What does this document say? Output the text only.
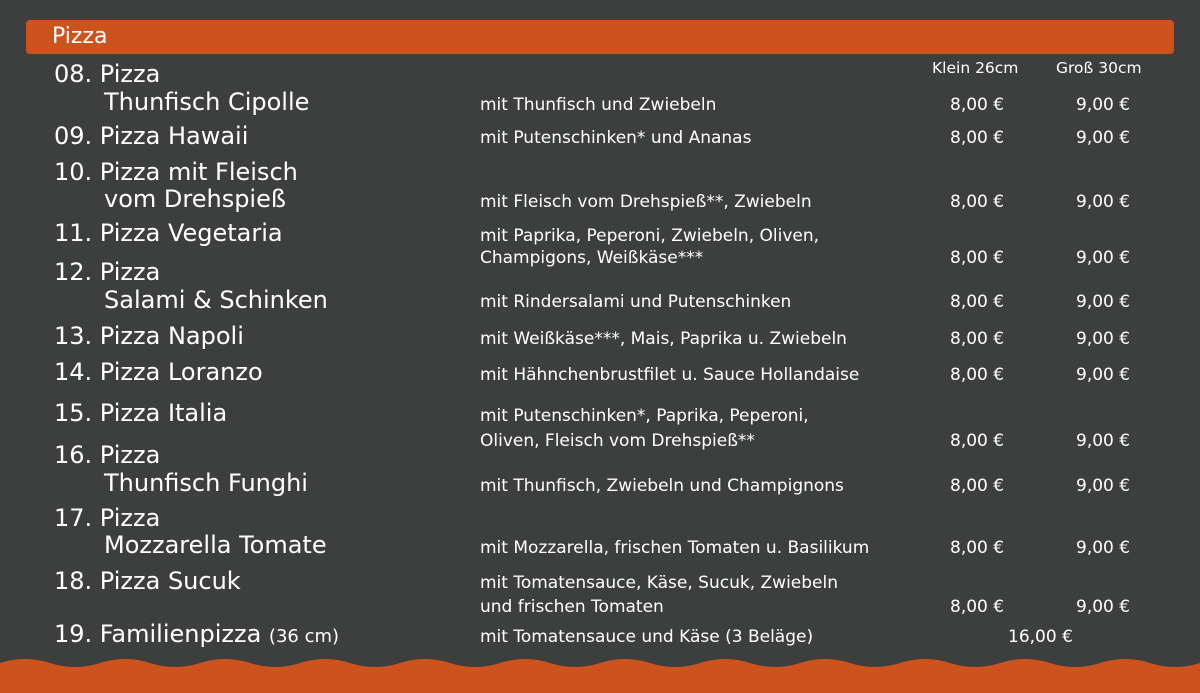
Pizza
Klein 26cm Groß 30cm
08. Pizza
Thunfisch Cipolle	mit Thunfisch und Zwiebeln	8,00 €	9,00 €
09. Pizza Hawaii	mit Putenschinken* und Ananas	8,00 €	9,00 €
10. Pizza mit Fleisch
vom Drehspieß	mit Fleisch vom Drehspieß**, Zwiebeln	8,00 €	9,00 €
11. Pizza Vegetaria	mit Paprika, Peperoni, Zwiebeln, Oliven,
Champigons, Weißkäse***	8,00 €	9,00 €
12. Pizza
Salami & Schinken	mit Rindersalami und Putenschinken	8,00 €	9,00 €
13. Pizza Napoli	mit Weißkäse***, Mais, Paprika u. Zwiebeln	8,00 €	9,00 €
14. Pizza Loranzo	mit Hähnchenbrustfilet u. Sauce Hollandaise	8,00 €	9,00 €
15. Pizza Italia	mit Putenschinken*, Paprika, Peperoni,
Oliven, Fleisch vom Drehspieß**	8,00 €	9,00 €
16. Pizza
Thunfisch Funghi	mit Thunfisch, Zwiebeln und Champignons	8,00 €	9,00 €
17. Pizza
Mozzarella Tomate	mit Mozzarella, frischen Tomaten u. Basilikum	8,00 €	9,00 €
18. Pizza Sucuk	mit Tomatensauce, Käse, Sucuk, Zwiebeln
und frischen Tomaten	8,00 €	9,00 €
19. Familienpizza (36 cm)	mit Tomatensauce und Käse (3 Beläge)	16,00 €
